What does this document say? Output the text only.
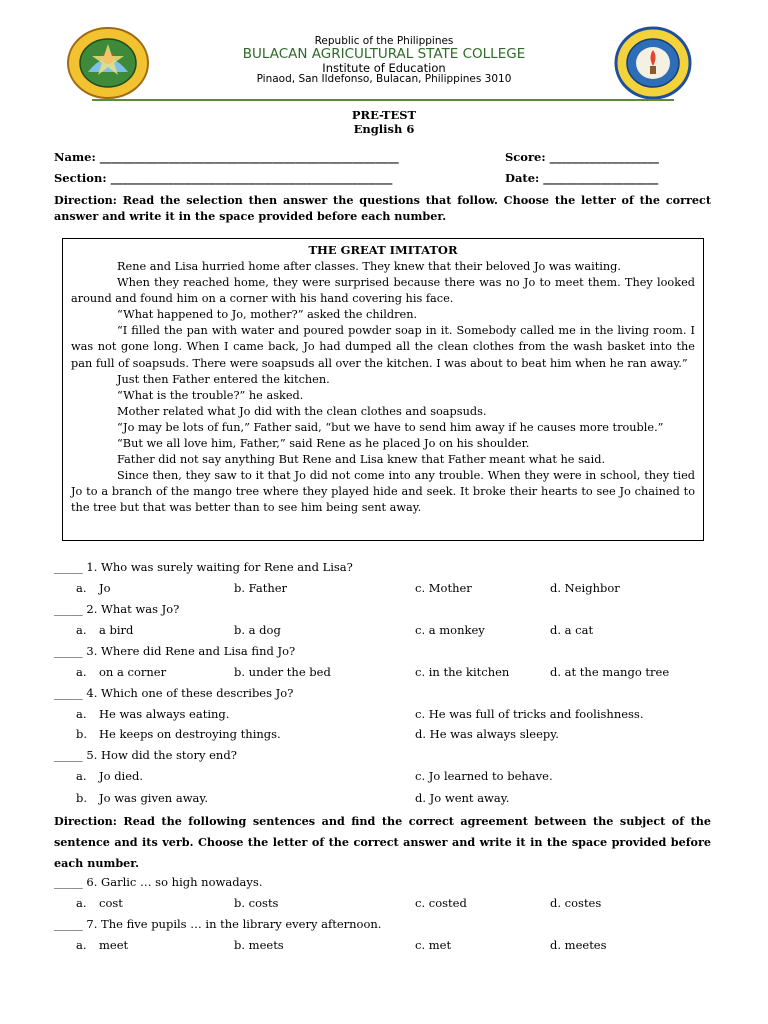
Republic of the Philippines
BULACAN AGRICULTURAL STATE COLLEGE
Institute of Education
Pinaod, San Ildefonso, Bulacan, Philippines 3010
PRE-TEST
English 6
Name: ____________________________________________________	Score: ___________________
Section: _________________________________________________	Date: ____________________
Direction: Read the selection then answer the questions that follow. Choose the letter of the correct answer and write it in the space provided before each number.
THE GREAT IMITATOR

Rene and Lisa hurried home after classes. They knew that their beloved Jo was waiting.

When they reached home, they were surprised because there was no Jo to meet them. They looked around and found him on a corner with his hand covering his face.

“What happened to Jo, mother?” asked the children.

“I filled the pan with water and poured powder soap in it. Somebody called me in the living room. I was not gone long. When I came back, Jo had dumped all the clean clothes from the wash basket into the pan full of soapsuds. There were soapsuds all over the kitchen. I was about to beat him when he ran away.”

Just then Father entered the kitchen.

“What is the trouble?” he asked.

Mother related what Jo did with the clean clothes and soapsuds.

“Jo may be lots of fun,” Father said, “but we have to send him away if he causes more trouble.”

“But we all love him, Father,” said Rene as he placed Jo on his shoulder.

Father did not say anything But Rene and Lisa knew that Father meant what he said.

Since then, they saw to it that Jo did not come into any trouble. When they were in school, they tied Jo to a branch of the mango tree where they played hide and seek. It broke their hearts to see Jo chained to the tree but that was better than to see him being sent away.

_____ 1. Who was surely waiting for Rene and Lisa?
a. Jo	b. Father	c. Mother	d. Neighbor
_____ 2. What was Jo?
a. a bird	b. a dog	c. a monkey	d. a cat
_____ 3. Where did Rene and Lisa find Jo?
a. on a corner	b. under the bed	c. in the kitchen	d. at the mango tree
_____ 4. Which one of these describes Jo?
a. He was always eating.	c. He was full of tricks and foolishness.
b. He keeps on destroying things.	d. He was always sleepy.
_____ 5. How did the story end?
a. Jo died.	c. Jo learned to behave.
b. Jo was given away.	d. Jo went away.
Direction: Read the following sentences and find the correct agreement between the subject of the sentence and its verb. Choose the letter of the correct answer and write it in the space provided before each number.
_____ 6. Garlic … so high nowadays.
a. cost	b. costs	c. costed	d. costes
_____ 7. The five pupils … in the library every afternoon.
a. meet	b. meets	c. met	d. meetes
